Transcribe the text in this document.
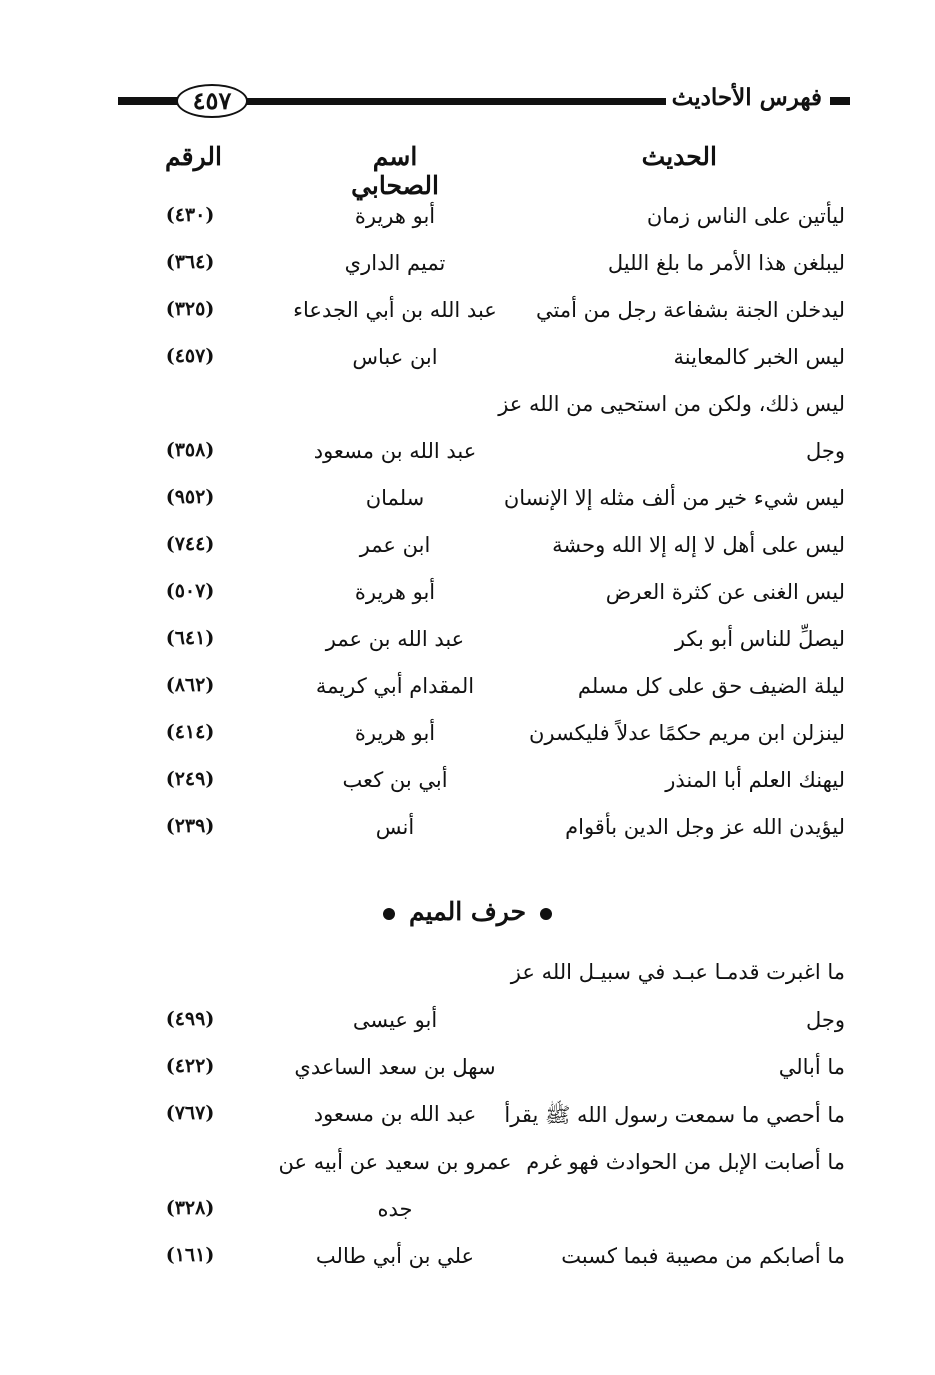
٤٥٧	فهرس الأحاديث
الحديث
اسم الصحابي
الرقم
ليأتين على الناس زمان
أبو هريرة
(٤٣٠)
ليبلغن هذا الأمر ما بلغ الليل
تميم الداري
(٣٦٤)
ليدخلن الجنة بشفاعة رجل من أمتي
عبد الله بن أبي الجدعاء
(٣٢٥)
ليس الخبر كالمعاينة
ابن عباس
(٤٥٧)
ليس ذلك، ولكن من استحيى من الله عز
وجل
عبد الله بن مسعود
(٣٥٨)
ليس شيء خير من ألف مثله إلا الإنسان
سلمان
(٩٥٢)
ليس على أهل لا إله إلا الله وحشة
ابن عمر
(٧٤٤)
ليس الغنى عن كثرة العرض
أبو هريرة
(٥٠٧)
ليصلِّ للناس أبو بكر
عبد الله بن عمر
(٦٤١)
ليلة الضيف حق على كل مسلم
المقدام أبي كريمة
(٨٦٢)
لينزلن ابن مريم حكمًا عدلاً فليكسرن
أبو هريرة
(٤١٤)
ليهنك العلم أبا المنذر
أبي بن كعب
(٢٤٩)
ليؤيدن الله عز وجل الدين بأقوام
أنس
(٢٣٩)
حرف الميم
ما اغبرت قدمـا عبـد في سبيـل الله عز
وجل
أبو عيسى
(٤٩٩)
ما أبالي
سهل بن سعد الساعدي
(٤٢٢)
ما أحصي ما سمعت رسول الله ﷺ يقرأ
عبد الله بن مسعود
(٧٦٧)
ما أصابت الإبل من الحوادث فهو غرم
عمرو بن سعيد عن أبيه عن
جده
(٣٢٨)
ما أصابكم من مصيبة فبما كسبت
علي بن أبي طالب
(١٦١)
